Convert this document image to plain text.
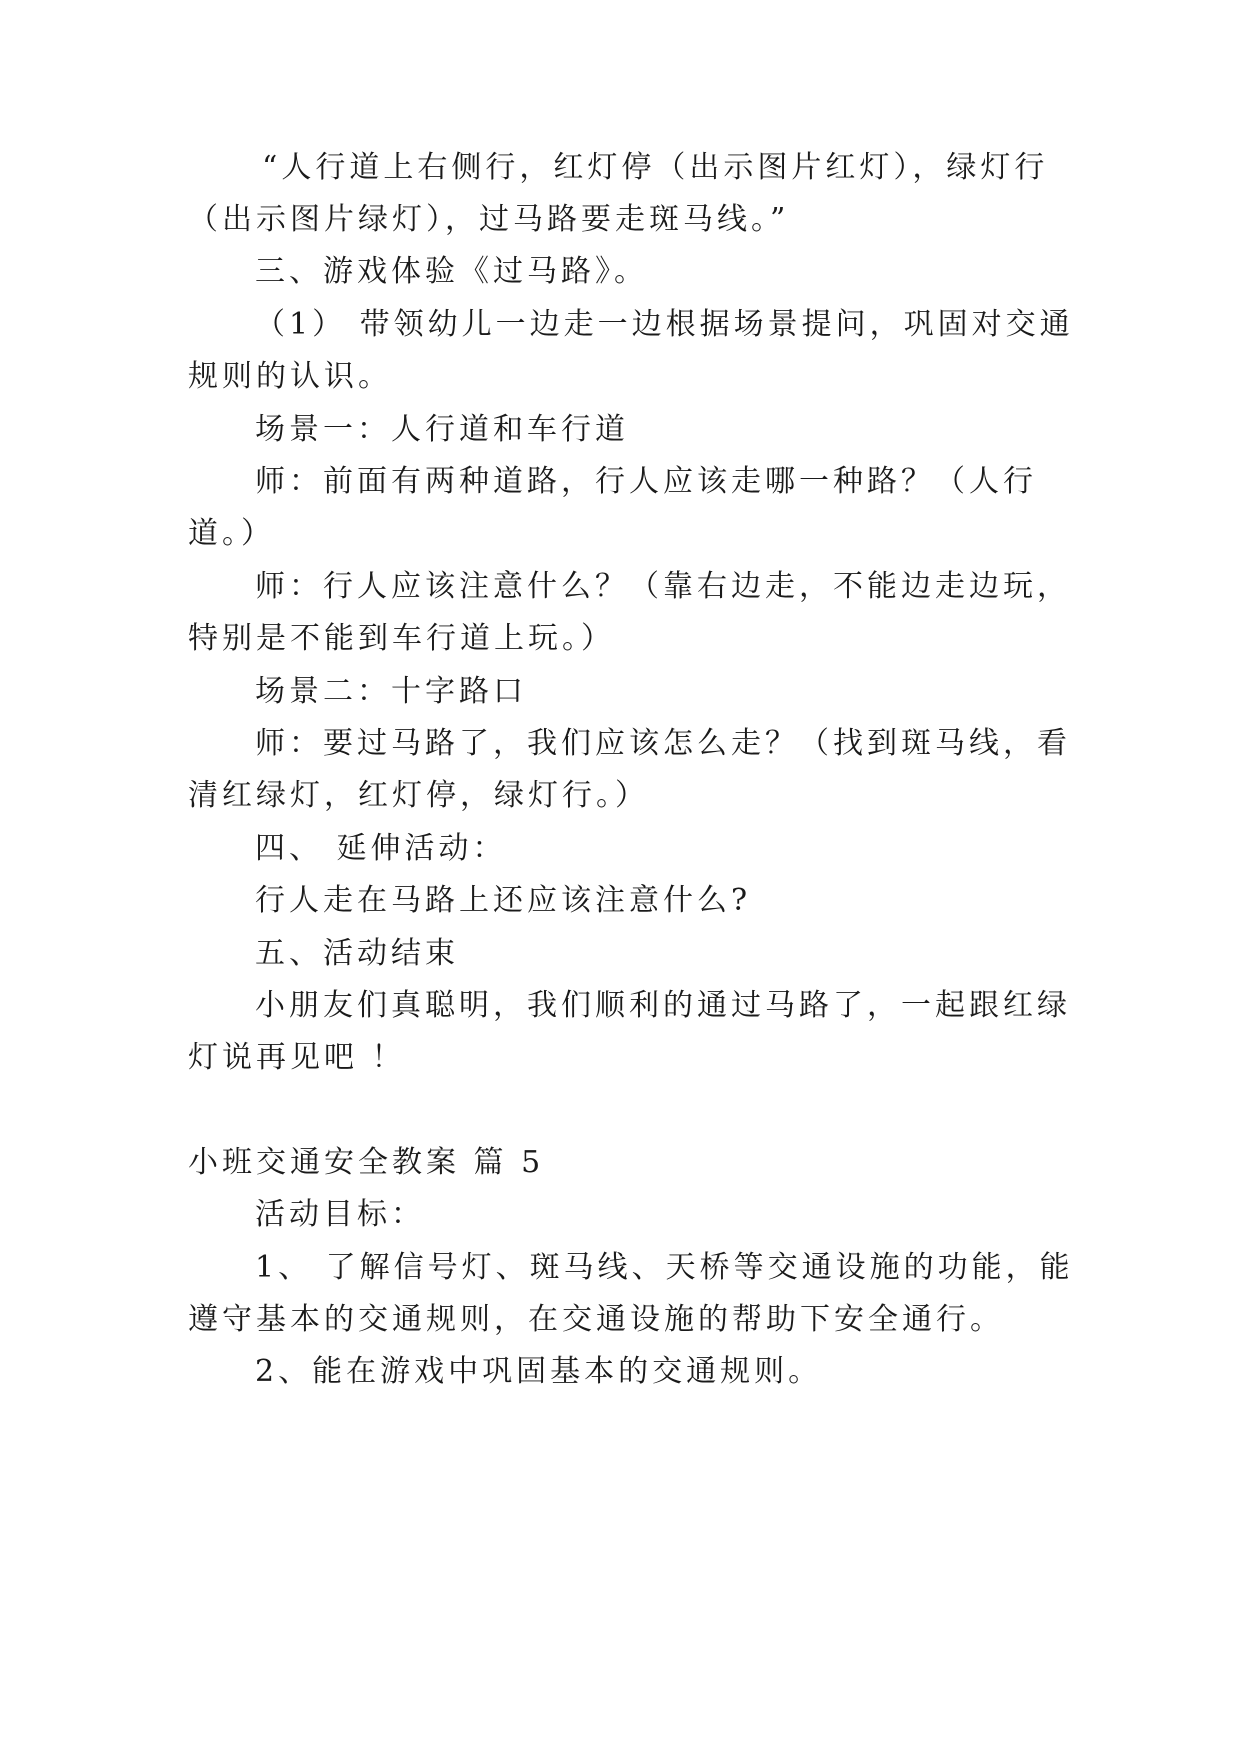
“人行道上右侧行，红灯停（出示图片红灯），绿灯行
（出示图片绿灯），过马路要走斑马线。”
三、游戏体验《过马路》。
（1） 带领幼儿一边走一边根据场景提问，巩固对交通
规则的认识。
场景一：人行道和车行道
师：前面有两种道路，行人应该走哪一种路？（人行
道。）
师：行人应该注意什么？（靠右边走，不能边走边玩，
特别是不能到车行道上玩。）
场景二：十字路口
师：要过马路了，我们应该怎么走？（找到斑马线，看
清红绿灯，红灯停，绿灯行。）
四、 延伸活动：
行人走在马路上还应该注意什么?
五、活动结束
小朋友们真聪明，我们顺利的通过马路了，一起跟红绿
灯说再见吧 ！
小班交通安全教案 篇 5
活动目标：
1、 了解信号灯、斑马线、天桥等交通设施的功能，能
遵守基本的交通规则，在交通设施的帮助下安全通行。
2、能在游戏中巩固基本的交通规则。
